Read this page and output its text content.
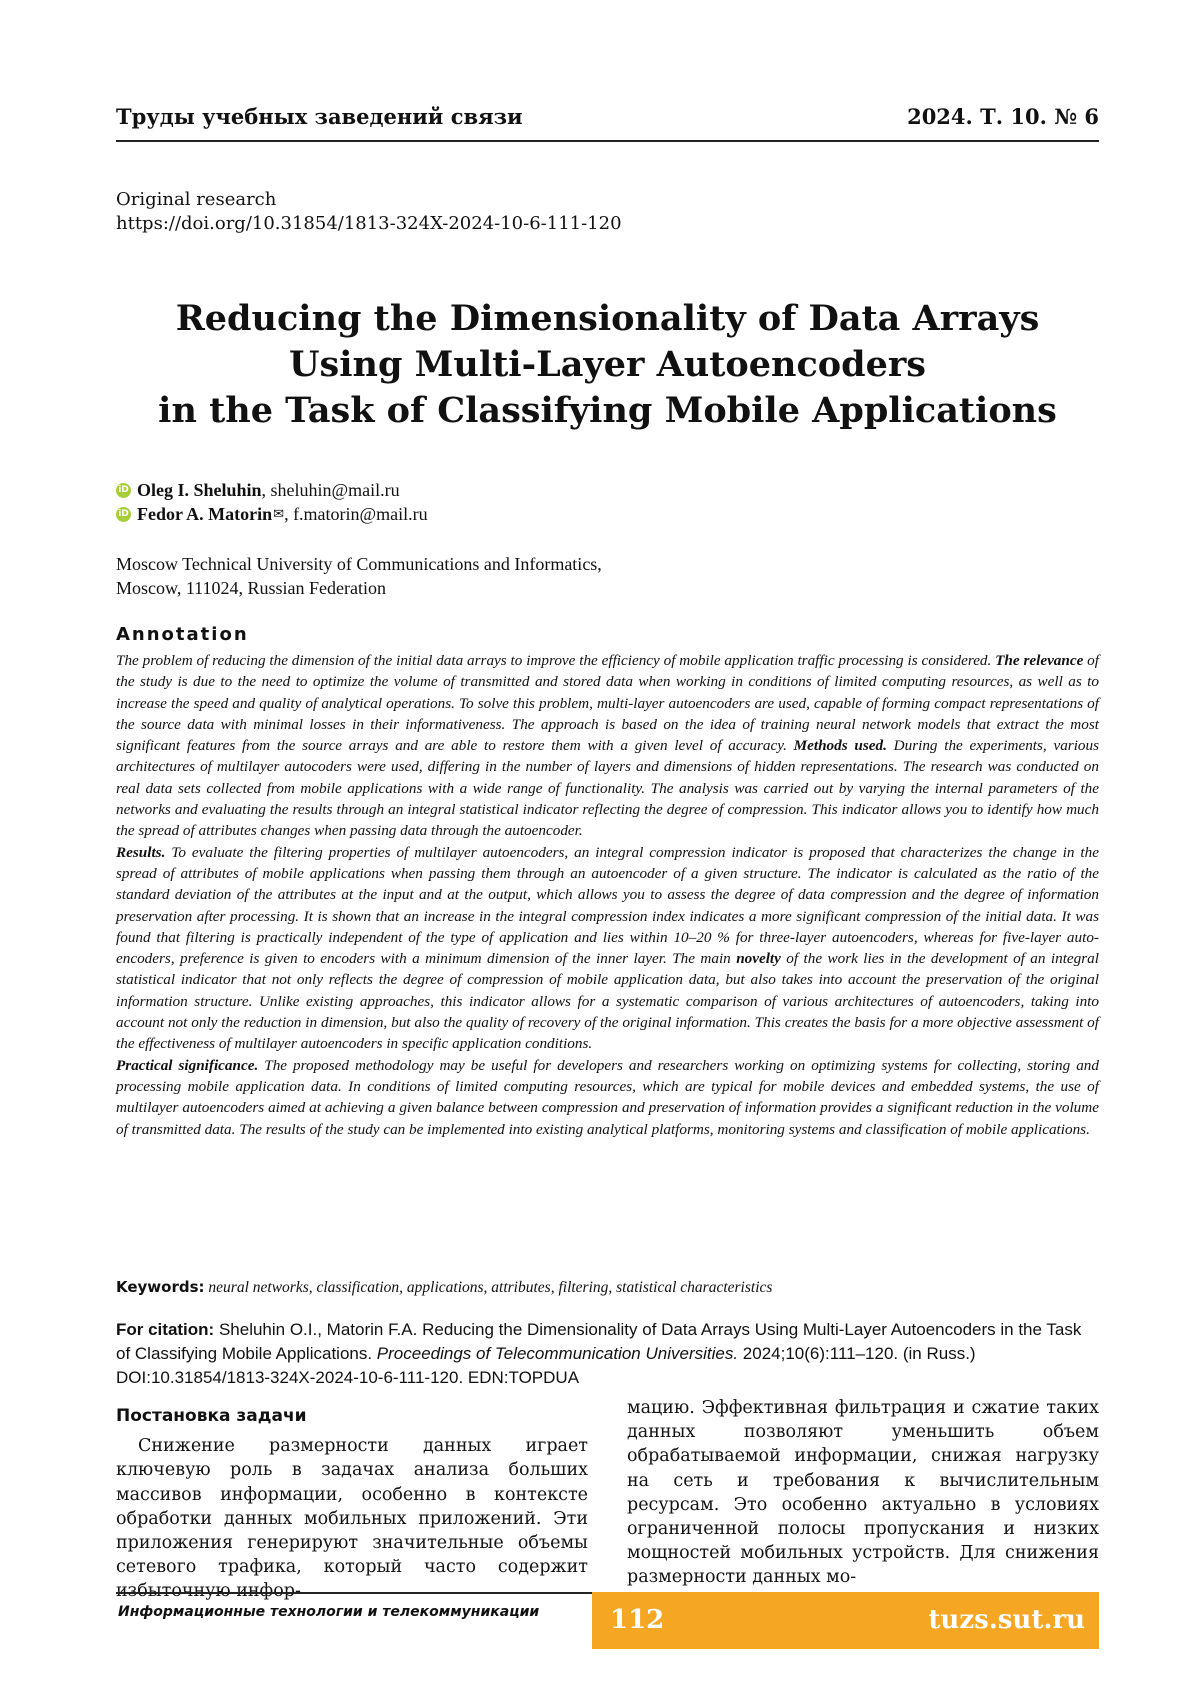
Труды учебных заведений связи	2024. Т. 10. № 6
Original research
https://doi.org/10.31854/1813-324X-2024-10-6-111-120
Reducing the Dimensionality of Data Arrays
Using Multi-Layer Autoencoders
in the Task of Classifying Mobile Applications
iD Oleg I. Sheluhin , sheluhin@mail.ru
iD Fedor A. Matorin ✉ , f.matorin@mail.ru
Moscow Technical University of Communications and Informatics,
Moscow, 111024, Russian Federation
Annotation

The problem of reducing the dimension of the initial data arrays to improve the efficiency of mobile application traffic processing is considered. The relevance of the study is due to the need to optimize the volume of transmitted and stored data when working in conditions of limited computing resources, as well as to increase the speed and quality of analytical operations. To solve this problem, multi-layer autoencoders are used, capable of forming compact representations of the source data with minimal losses in their informativeness. The approach is based on the idea of training neural network models that extract the most significant features from the source arrays and are able to restore them with a given level of accuracy. Methods used. During the experiments, various architectures of multilayer autocoders were used, differing in the number of layers and dimensions of hidden representations. The research was conducted on real data sets collected from mobile applications with a wide range of functionality. The analysis was carried out by varying the internal parameters of the networks and evaluating the results through an integral statistical indicator reflecting the degree of compression. This indicator allows you to identify how much the spread of attributes changes when passing data through the autoencoder.

Results. To evaluate the filtering properties of multilayer autoencoders, an integral compression indicator is proposed that characterizes the change in the spread of attributes of mobile applications when passing them through an autoencoder of a given structure. The indicator is calculated as the ratio of the standard deviation of the attributes at the input and at the output, which allows you to assess the degree of data compression and the degree of information preservation after processing. It is shown that an increase in the integral compression index indicates a more significant compression of the initial data. It was found that filtering is practically independent of the type of application and lies within 10–20 % for three-layer autoencoders, whereas for five-layer auto-encoders, preference is given to encoders with a minimum dimension of the inner layer. The main novelty of the work lies in the development of an integral statistical indicator that not only reflects the degree of compression of mobile application data, but also takes into account the preservation of the original information structure. Unlike existing approaches, this indicator allows for a systematic comparison of various architectures of autoencoders, taking into account not only the reduction in dimension, but also the quality of recovery of the original information. This creates the basis for a more objective assessment of the effectiveness of multilayer autoencoders in specific application conditions.

Practical significance. The proposed methodology may be useful for developers and researchers working on optimizing systems for collecting, storing and processing mobile application data. In conditions of limited computing resources, which are typical for mobile devices and embedded systems, the use of multilayer autoencoders aimed at achieving a given balance between compression and preservation of information provides a significant reduction in the volume of transmitted data. The results of the study can be implemented into existing analytical platforms, monitoring systems and classification of mobile applications.

Keywords: neural networks, classification, applications, attributes, filtering, statistical characteristics
For citation: Sheluhin O.I., Matorin F.A. Reducing the Dimensionality of Data Arrays Using Multi-Layer Autoencoders in the Task of Classifying Mobile Applications. Proceedings of Telecommunication Universities. 2024;10(6):111–120. (in Russ.) DOI:10.31854/1813-324X-2024-10-6-111-120. EDN:TOPDUA
Постановка задачи

Снижение размерности данных играет ключевую роль в задачах анализа больших массивов информации, особенно в контексте обработки данных мобильных приложений. Эти приложения генерируют значительные объемы сетевого трафика, который часто содержит

мацию. Эффективная фильтрация и сжатие таких данных позволяют уменьшить объем обрабатываемой информации, снижая нагрузку на сеть и требования к вычислительным ресурсам. Это особенно актуально в условиях ограниченной полосы пропускания и низких мощностей мобильных устройств. Для снижения размерности данных мо-

Информационные технологии и телекоммуникации	112	tuzs.sut.ru
